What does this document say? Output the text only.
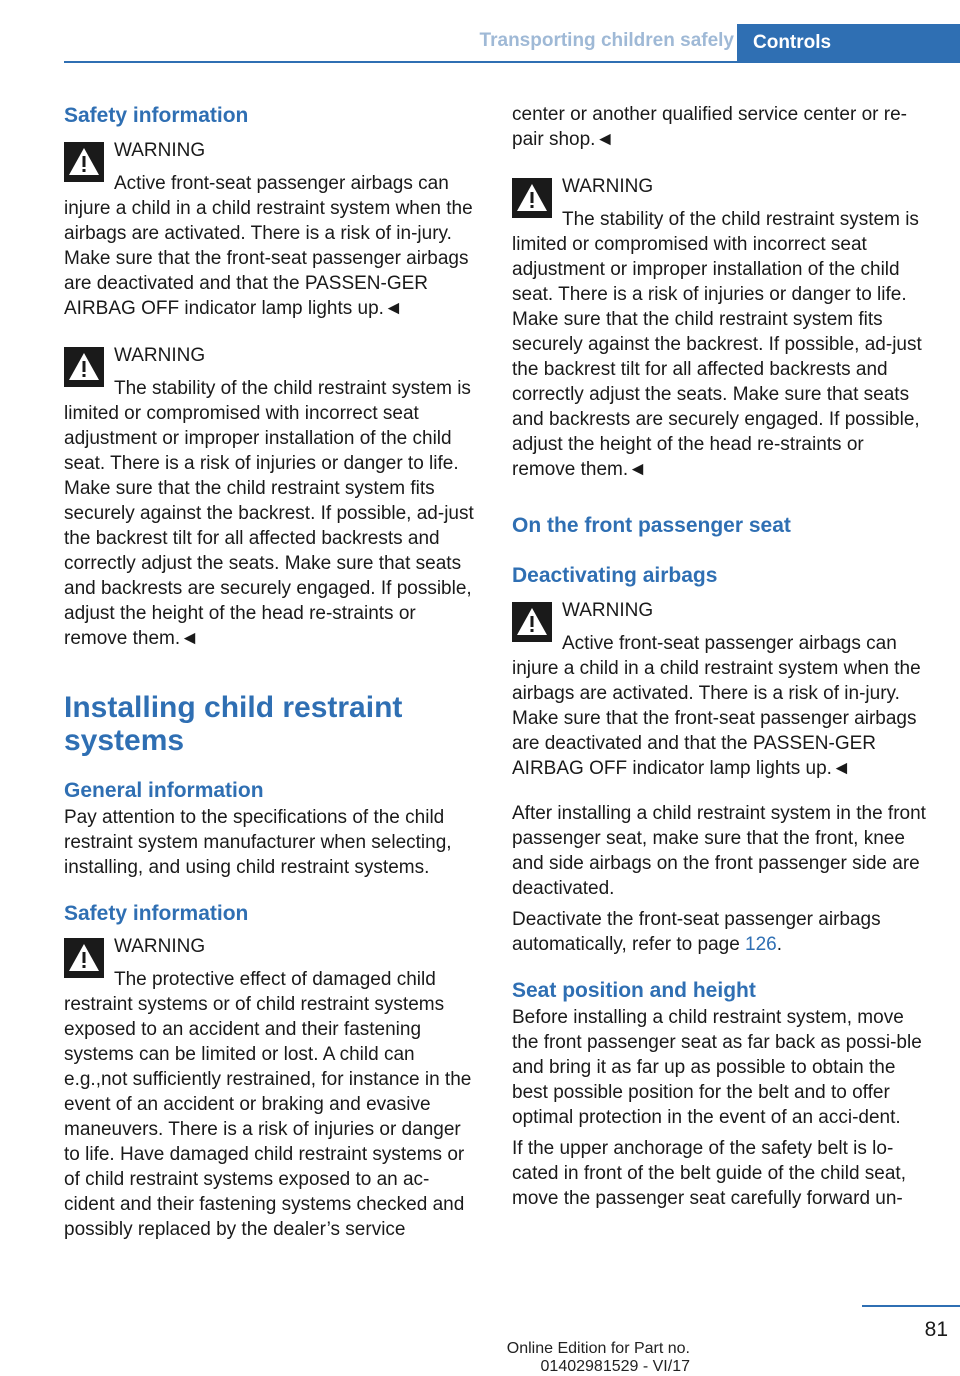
Transporting children safely	Controls
Safety information
WARNING

Active front-seat passenger airbags can injure a child in a child restraint system when the airbags are activated. There is a risk of in-jury. Make sure that the front-seat passenger airbags are deactivated and that the PASSEN-GER AIRBAG OFF indicator lamp lights up.◄

WARNING

The stability of the child restraint system is limited or compromised with incorrect seat adjustment or improper installation of the child seat. There is a risk of injuries or danger to life. Make sure that the child restraint system fits securely against the backrest. If possible, ad-just the backrest tilt for all affected backrests and correctly adjust the seats. Make sure that seats and backrests are securely engaged. If possible, adjust the height of the head re-straints or remove them.◄

Installing child restraint systems
General information

Pay attention to the specifications of the child restraint system manufacturer when selecting, installing, and using child restraint systems.

Safety information
WARNING

The protective effect of damaged child restraint systems or of child restraint systems exposed to an accident and their fastening systems can be limited or lost. A child can e.g.,not sufficiently restrained, for instance in the event of an accident or braking and evasive maneuvers. There is a risk of injuries or danger to life. Have damaged child restraint systems or of child restraint systems exposed to an ac-cident and their fastening systems checked and possibly replaced by the dealer’s service

center or another qualified service center or re-pair shop.◄

WARNING

The stability of the child restraint system is limited or compromised with incorrect seat adjustment or improper installation of the child seat. There is a risk of injuries or danger to life. Make sure that the child restraint system fits securely against the backrest. If possible, ad-just the backrest tilt for all affected backrests and correctly adjust the seats. Make sure that seats and backrests are securely engaged. If possible, adjust the height of the head re-straints or remove them.◄

On the front passenger seat
Deactivating airbags
WARNING

Active front-seat passenger airbags can injure a child in a child restraint system when the airbags are activated. There is a risk of in-jury. Make sure that the front-seat passenger airbags are deactivated and that the PASSEN-GER AIRBAG OFF indicator lamp lights up.◄

After installing a child restraint system in the front passenger seat, make sure that the front, knee and side airbags on the front passenger side are deactivated.

Deactivate the front-seat passenger airbags automatically, refer to page 126.

Seat position and height

Before installing a child restraint system, move the front passenger seat as far back as possi-ble and bring it as far up as possible to obtain the best possible position for the belt and to offer optimal protection in the event of an acci-dent.

If the upper anchorage of the safety belt is lo-cated in front of the belt guide of the child seat, move the passenger seat carefully forward un-

81
Online Edition for Part no. 01402981529 - VI/17
